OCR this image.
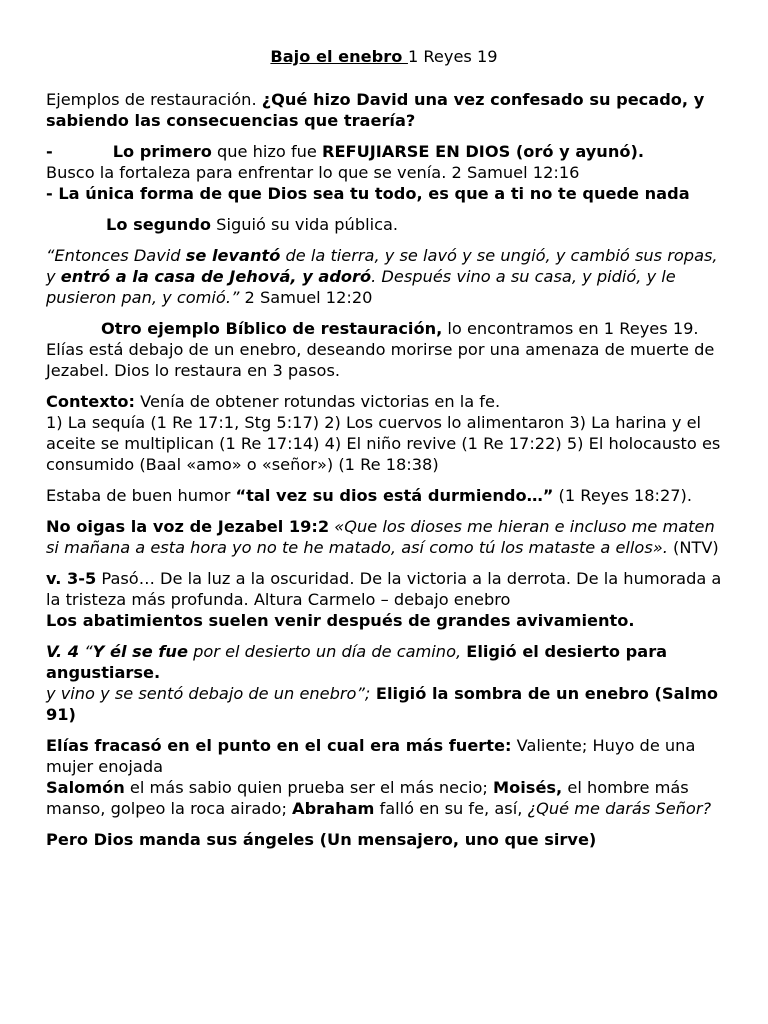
Bajo el enebro 1 Reyes 19

Ejemplos de restauración. ¿Qué hizo David una vez confesado su pecado, y sabiendo las consecuencias que traería?

-	Lo primero que hizo fue REFUJIARSE EN DIOS (oró y ayunó).
Busco la fortaleza para enfrentar lo que se venía. 2 Samuel 12:16
- La única forma de que Dios sea tu todo, es que a ti no te quede nada

Lo segundo Siguió su vida pública.

“Entonces David se levantó de la tierra, y se lavó y se ungió, y cambió sus ropas, y entró a la casa de Jehová, y adoró. Después vino a su casa, y pidió, y le pusieron pan, y comió.” 2 Samuel 12:20

Otro ejemplo Bíblico de restauración, lo encontramos en 1 Reyes 19. Elías está debajo de un enebro, deseando morirse por una amenaza de muerte de Jezabel. Dios lo restaura en 3 pasos.

Contexto: Venía de obtener rotundas victorias en la fe.
1) La sequía (1 Re 17:1, Stg 5:17) 2) Los cuervos lo alimentaron 3) La harina y el aceite se multiplican (1 Re 17:14) 4) El niño revive (1 Re 17:22) 5) El holocausto es consumido (Baal «amo» o «señor») (1 Re 18:38)

Estaba de buen humor “tal vez su dios está durmiendo…” (1 Reyes 18:27).

No oigas la voz de Jezabel 19:2 «Que los dioses me hieran e incluso me maten si mañana a esta hora yo no te he matado, así como tú los mataste a ellos». (NTV)

v. 3-5 Pasó… De la luz a la oscuridad. De la victoria a la derrota. De la humorada a la tristeza más profunda. Altura Carmelo – debajo enebro
Los abatimientos suelen venir después de grandes avivamiento.

V. 4 “Y él se fue por el desierto un día de camino, Eligió el desierto para angustiarse.
y vino y se sentó debajo de un enebro”; Eligió la sombra de un enebro (Salmo 91)

Elías fracasó en el punto en el cual era más fuerte: Valiente; Huyo de una mujer enojada
Salomón el más sabio quien prueba ser el más necio; Moisés, el hombre más manso, golpeo la roca airado; Abraham falló en su fe, así, ¿Qué me darás Señor?

Pero Dios manda sus ángeles (Un mensajero, uno que sirve)
